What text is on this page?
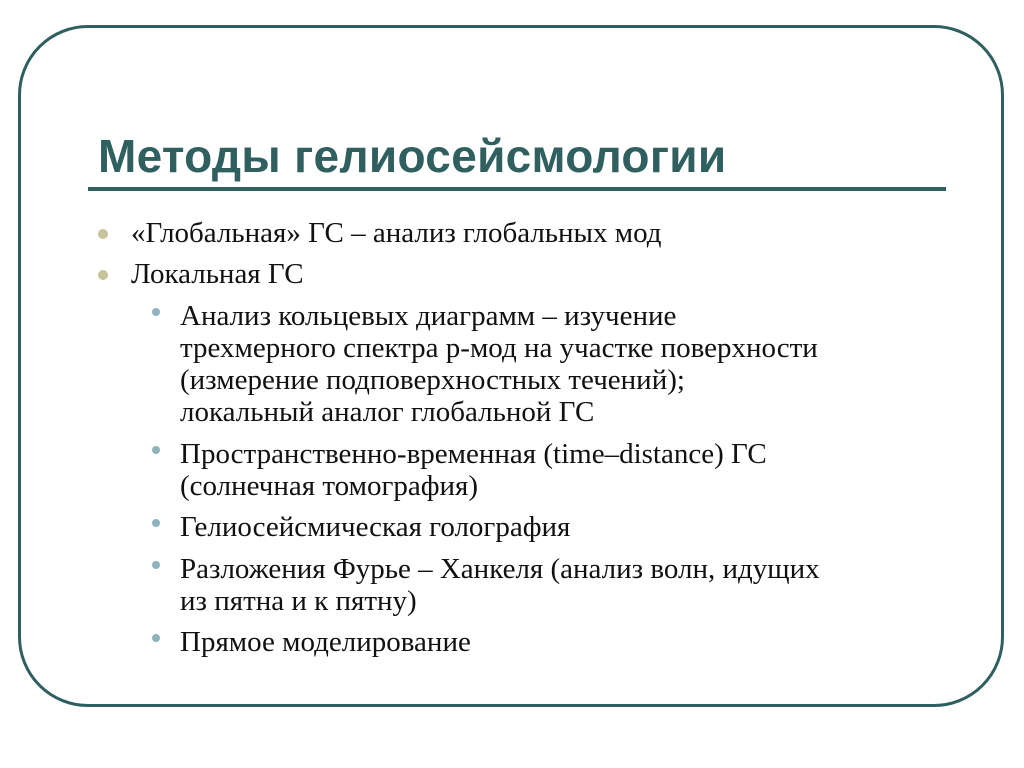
Методы гелиосейсмологии
«Глобальная» ГС – анализ глобальных мод
Локальная ГС
Анализ кольцевых диаграмм – изучение
трехмерного спектра p-мод на участке поверхности
(измерение подповерхностных течений);
локальный аналог глобальной ГС
Пространственно-временная (time–distance) ГС
(солнечная томография)
Гелиосейсмическая голография
Разложения Фурье – Ханкеля (анализ волн, идущих
из пятна и к пятну)
Прямое моделирование
